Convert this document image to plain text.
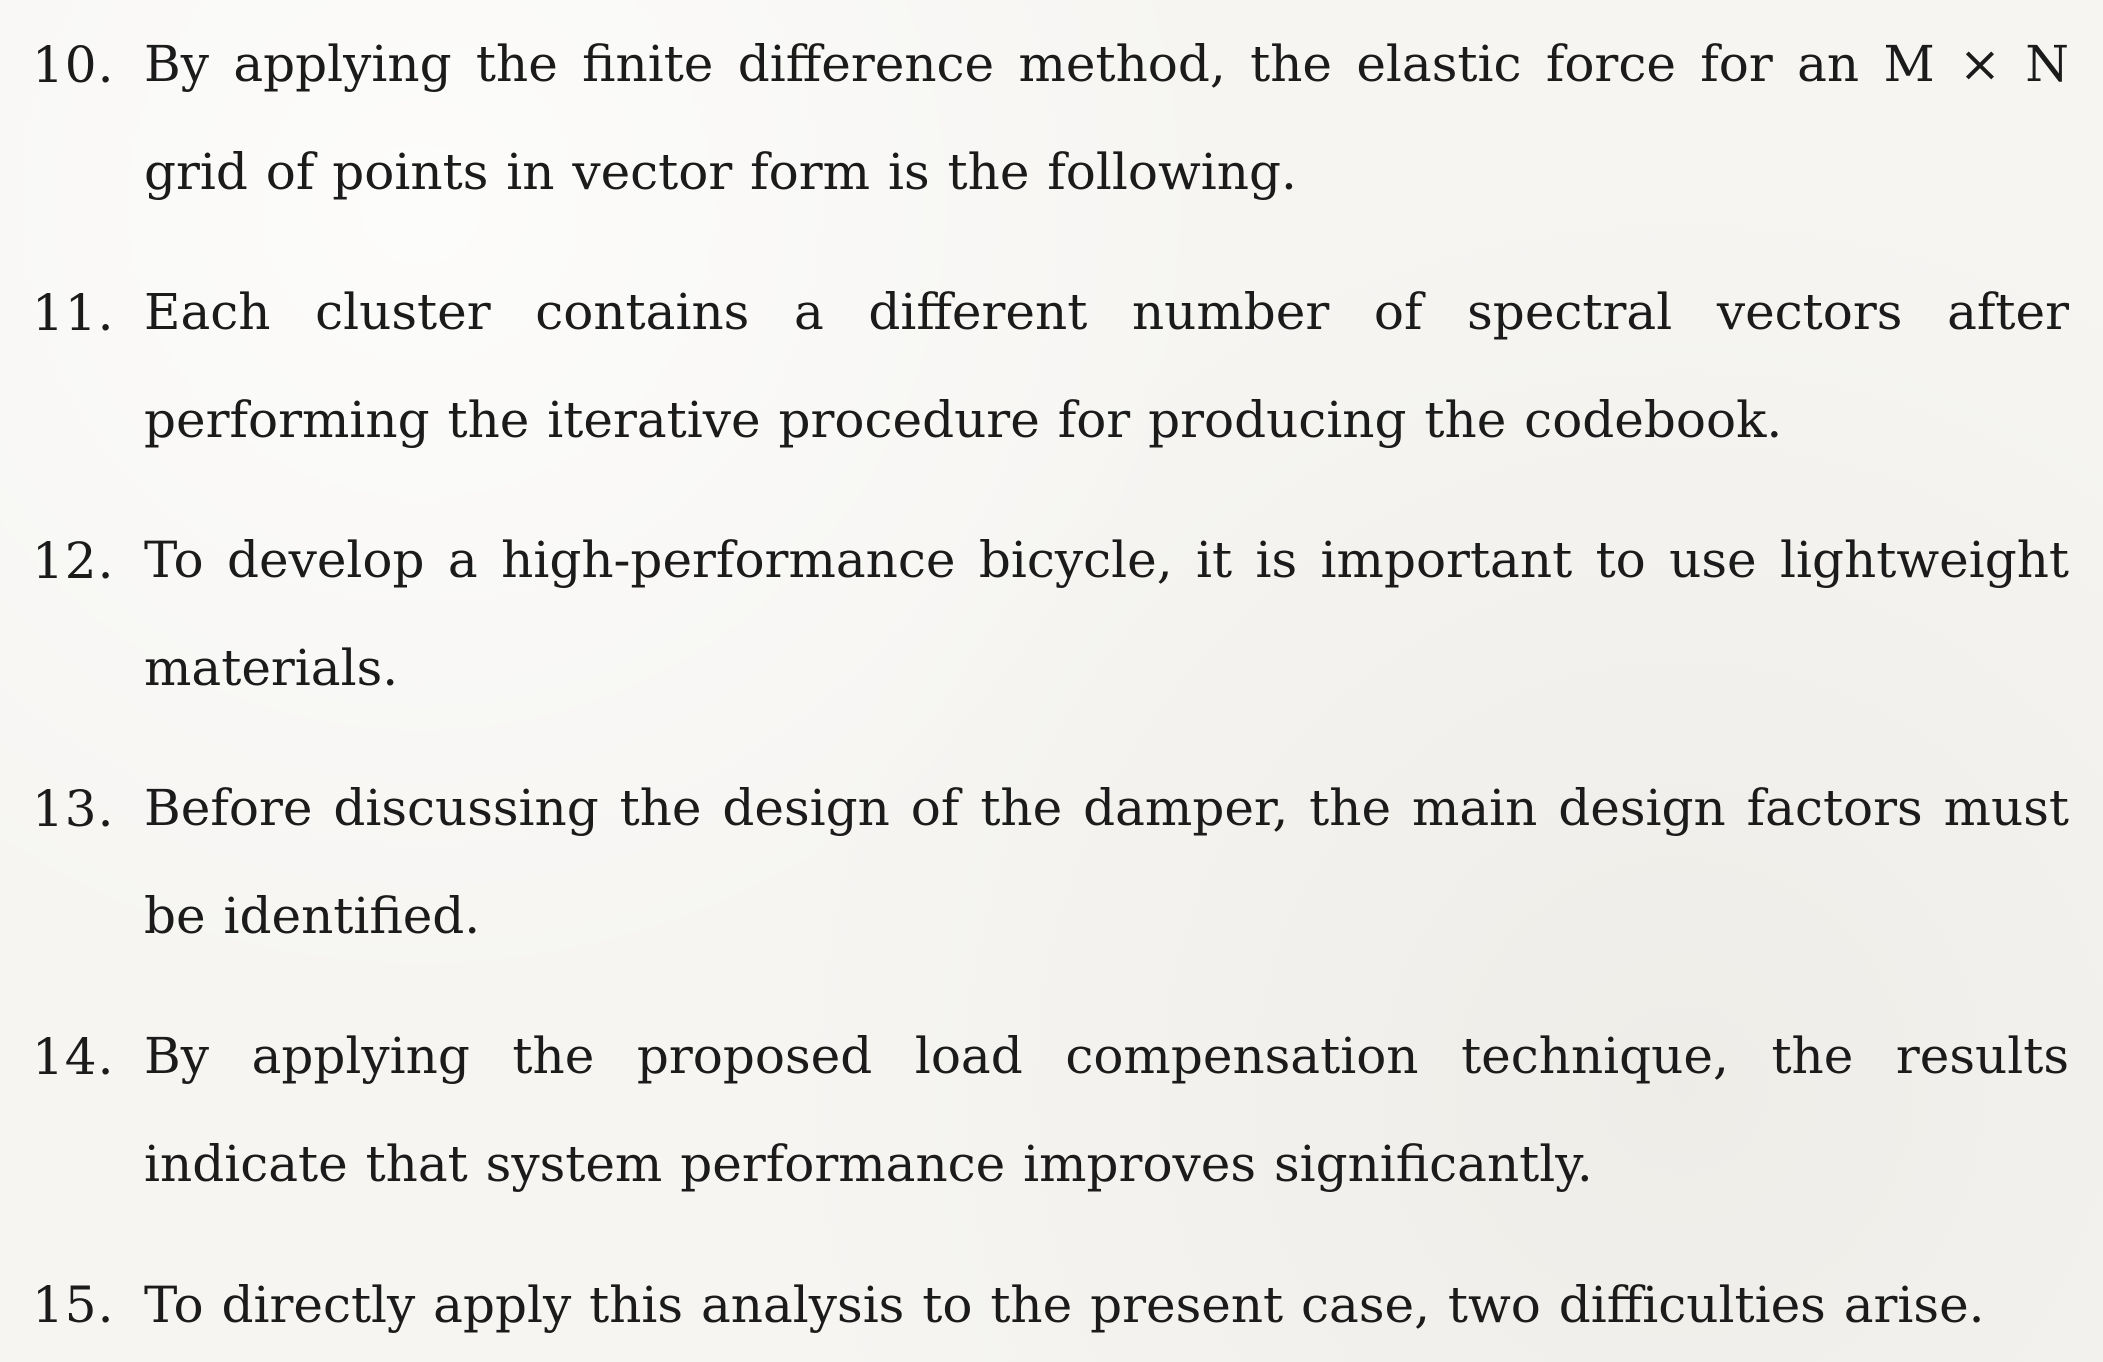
10. By applying the finite difference method, the elastic force for an M × N grid of points in vector form is the following.
11. Each cluster contains a different number of spectral vectors after performing the iterative procedure for producing the codebook.
12. To develop a high-performance bicycle, it is important to use lightweight materials.
13. Before discussing the design of the damper, the main design factors must be identified.
14. By applying the proposed load compensation technique, the results indicate that system performance improves significantly.
15. To directly apply this analysis to the present case, two difficulties arise.
